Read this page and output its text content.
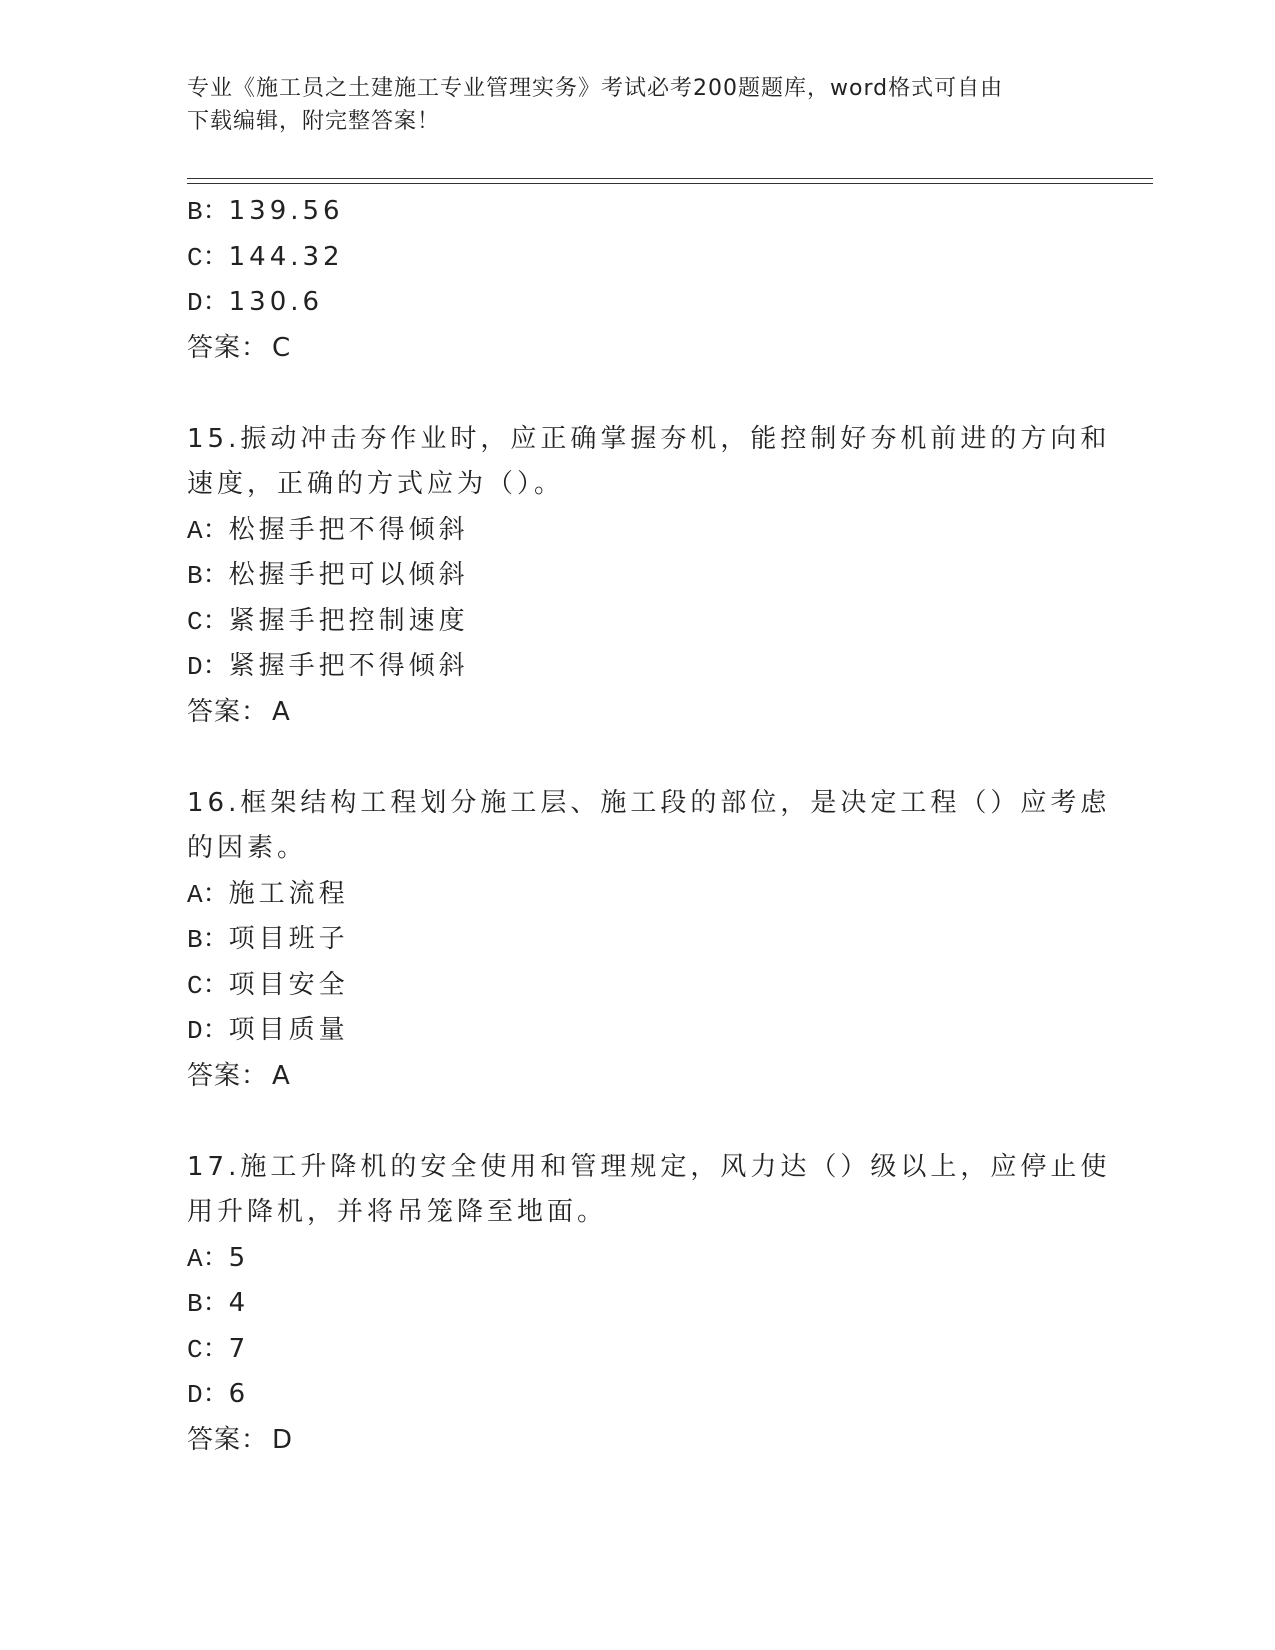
专业《施工员之土建施工专业管理实务》考试必考200题题库，word格式可自由
下载编辑，附完整答案！
B：139.56
C：144.32
D：130.6
答案： C
15.振动冲击夯作业时，应正确掌握夯机，能控制好夯机前进的方向和
速度，正确的方式应为（）。
A：松握手把不得倾斜
B：松握手把可以倾斜
C：紧握手把控制速度
D：紧握手把不得倾斜
答案： A
16.框架结构工程划分施工层、施工段的部位，是决定工程（）应考虑
的因素。
A：施工流程
B：项目班子
C：项目安全
D：项目质量
答案： A
17.施工升降机的安全使用和管理规定，风力达（）级以上，应停止使
用升降机，并将吊笼降至地面。
A：5
B：4
C：7
D：6
答案： D
